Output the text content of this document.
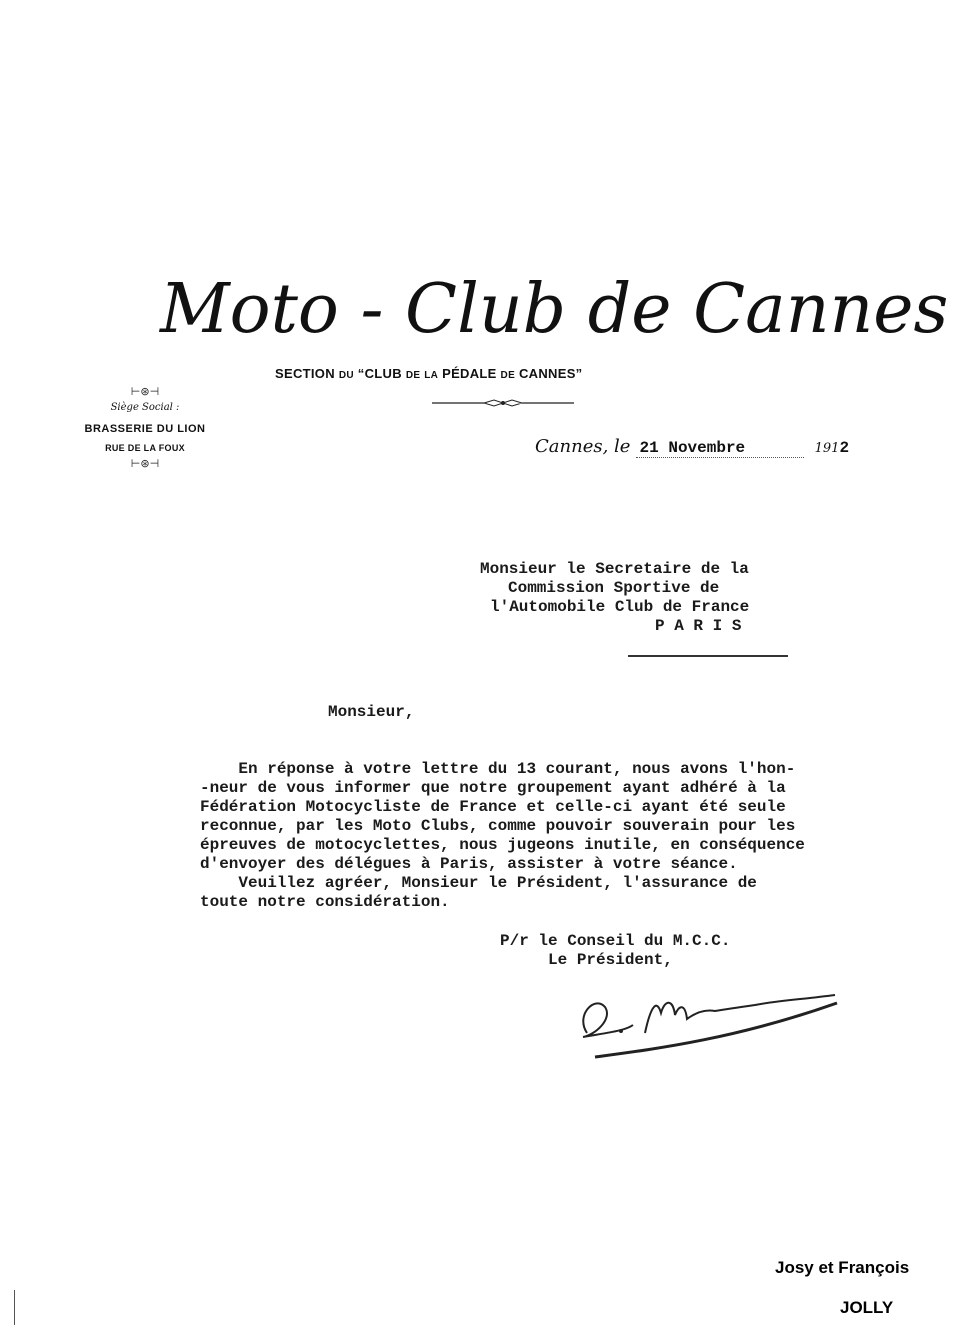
Moto - Club de Cannes
SECTION DU “CLUB DE LA PÉDALE DE CANNES”
⊢⊛⊣
Siège Social :
BRASSERIE DU LION
RUE DE LA FOUX
⊢⊛⊣
Cannes, le 21 Novembre	1912
Monsieur le Secretaire de la
Commission Sportive de
l'Automobile Club de France
P A R I S
Monsieur,
En réponse à votre lettre du 13 courant, nous avons l'hon-
-neur de vous informer que notre groupement ayant adhéré à la
Fédération Motocycliste de France et celle-ci ayant été seule
reconnue, par les Moto Clubs, comme pouvoir souverain pour les
épreuves de motocyclettes, nous jugeons inutile, en conséquence
d'envoyer des délégues à Paris, assister à votre séance.
Veuillez agréer, Monsieur le Président, l'assurance de
toute notre considération.
P/r le Conseil du M.C.C.
Le Président,
Josy et François
JOLLY
